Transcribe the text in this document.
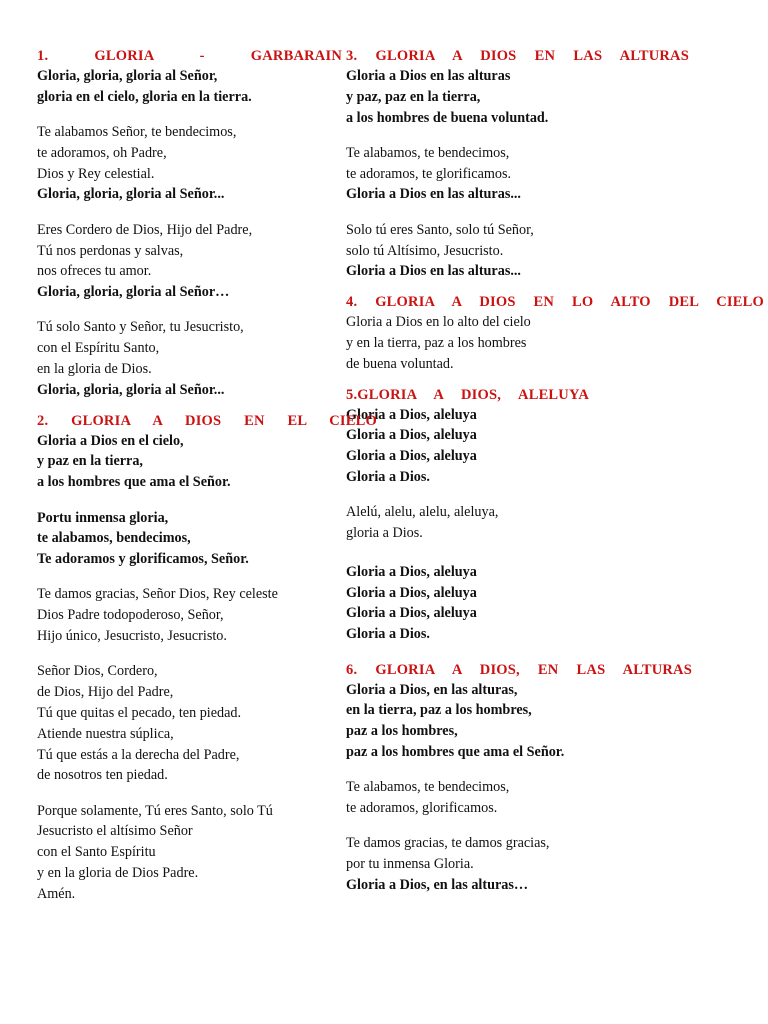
1. GLORIA - GARBARAIN
Gloria, gloria, gloria al Señor,
gloria en el cielo, gloria en la tierra.
Te alabamos Señor, te bendecimos,
te adoramos, oh Padre,
Dios y Rey celestial.
Gloria, gloria, gloria al Señor...
Eres Cordero de Dios, Hijo del Padre,
Tú nos perdonas y salvas,
nos ofreces tu amor.
Gloria, gloria, gloria al Señor…
Tú solo Santo y Señor, tu Jesucristo,
con el Espíritu Santo,
en la gloria de Dios.
Gloria, gloria, gloria al Señor...
2. GLORIA A DIOS EN EL CIELO
Gloria a Dios en el cielo,
y paz en la tierra,
a los hombres que ama el Señor.
Portu inmensa gloria,
te alabamos, bendecimos,
Te adoramos y glorificamos, Señor.
Te damos gracias, Señor Dios, Rey celeste
Dios Padre todopoderoso, Señor,
Hijo único, Jesucristo, Jesucristo.
Señor Dios, Cordero,
de Dios, Hijo del Padre,
Tú que quitas el pecado, ten piedad.
Atiende nuestra súplica,
Tú que estás a la derecha del Padre,
de nosotros ten piedad.
Porque solamente, Tú eres Santo, solo Tú
Jesucristo el altísimo Señor
con el Santo Espíritu
y en la gloria de Dios Padre.
Amén.
3. GLORIA A DIOS EN LAS ALTURAS
Gloria a Dios en las alturas
y paz, paz en la tierra,
a los hombres de buena voluntad.
Te alabamos, te bendecimos,
te adoramos, te glorificamos.
Gloria a Dios en las alturas...
Solo tú eres Santo, solo tú Señor,
solo tú Altísimo, Jesucristo.
Gloria a Dios en las alturas...
4. GLORIA A DIOS EN LO ALTO DEL CIELO
Gloria a Dios en lo alto del cielo
y en la tierra, paz a los hombres
de buena voluntad.
5.GLORIA A DIOS, ALELUYA
Gloria a Dios, aleluya
Gloria a Dios, aleluya
Gloria a Dios, aleluya
Gloria a Dios.
Alelú, alelu, alelu, aleluya,
gloria a Dios.
Gloria a Dios, aleluya
Gloria a Dios, aleluya
Gloria a Dios, aleluya
Gloria a Dios.
6. GLORIA A DIOS, EN LAS ALTURAS
Gloria a Dios, en las alturas,
en la tierra, paz a los hombres,
paz a los hombres,
paz a los hombres que ama el Señor.
Te alabamos, te bendecimos,
te adoramos, glorificamos.
Te damos gracias, te damos gracias,
por tu inmensa Gloria.
Gloria a Dios, en las alturas…
